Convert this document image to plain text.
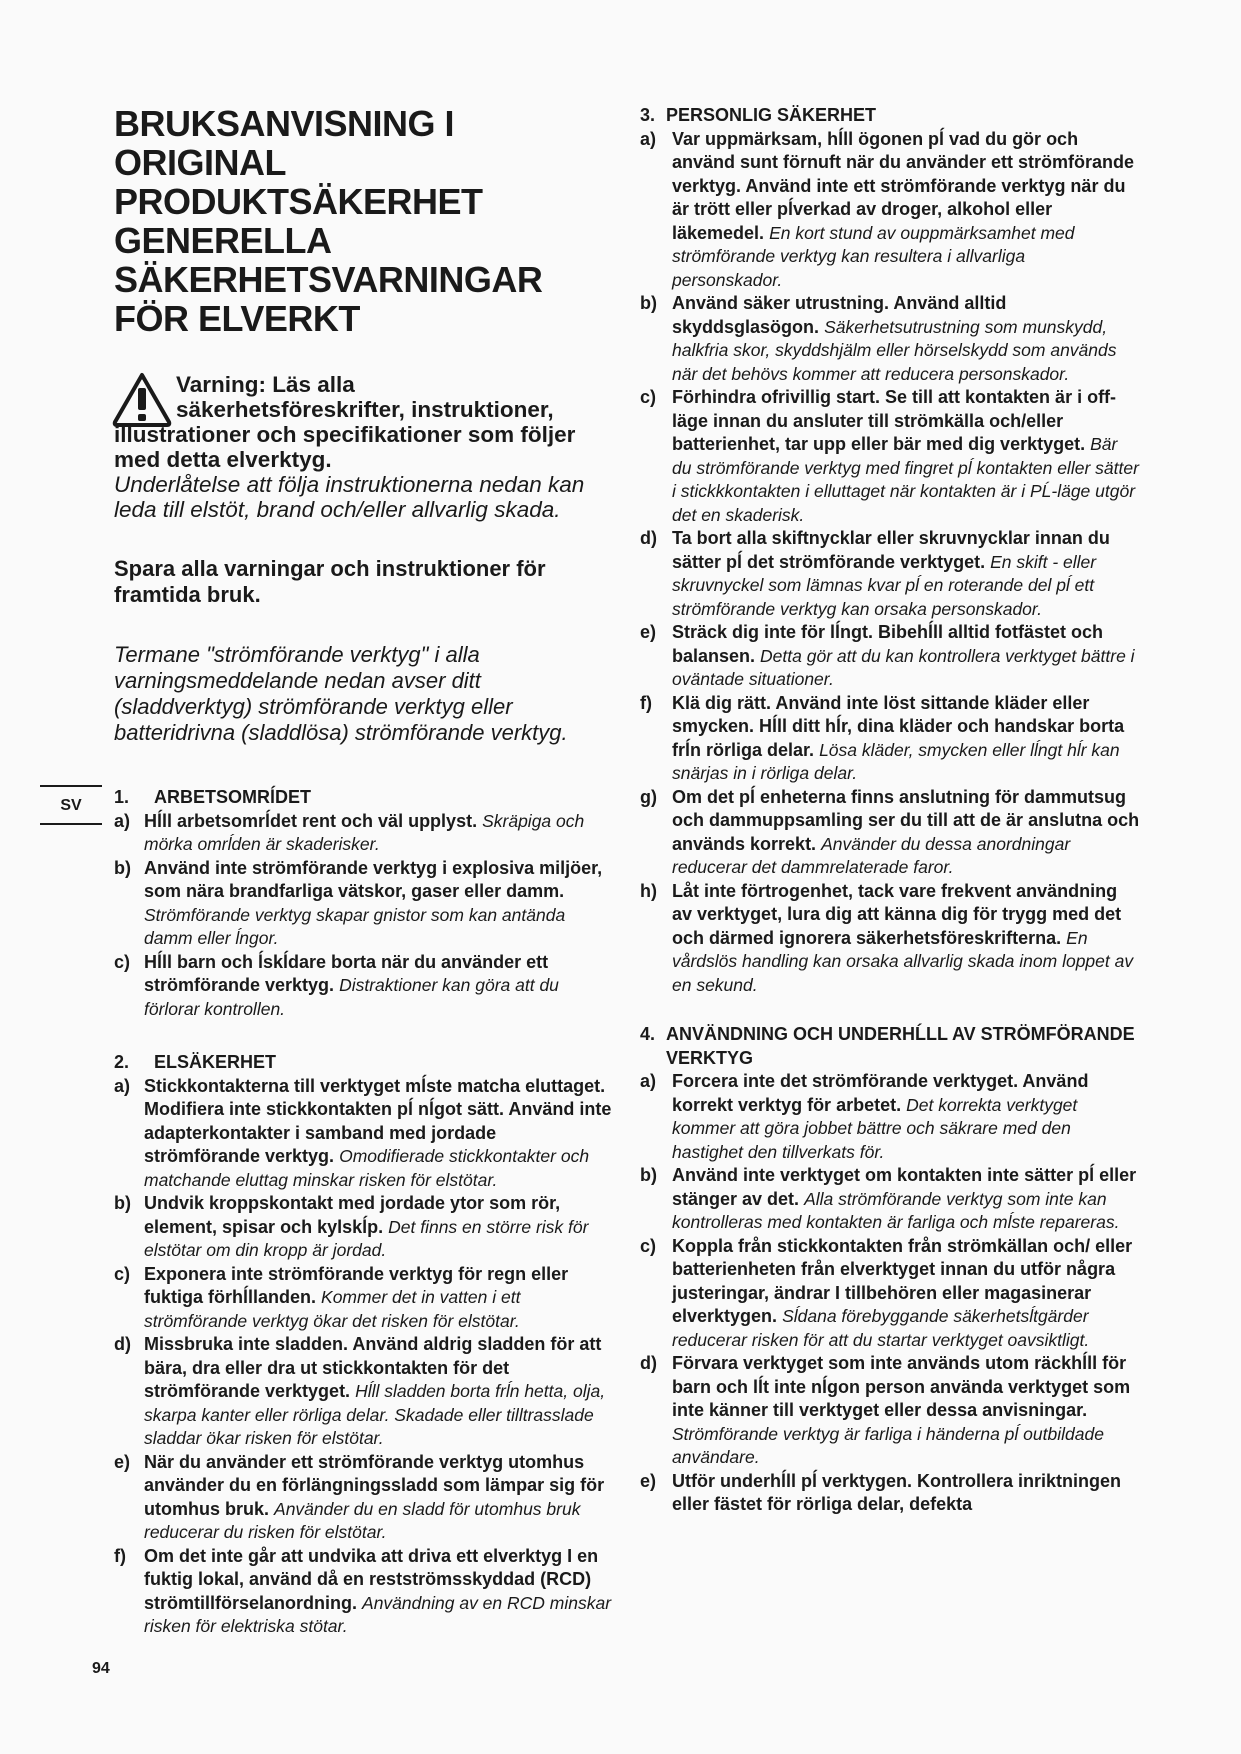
BRUKSANVISNING I ORIGINAL PRODUKTSÄKERHET GENERELLA SÄKERHETSVARNINGAR FÖR ELVERKT
Varning: Läs alla
säkerhetsföreskrifter, instruktioner, illustrationer och specifikationer som följer med detta elverktyg.
Underlåtelse att följa instruktionerna nedan kan leda till elstöt, brand och/eller allvarlig skada.
Spara alla varningar och instruktioner för framtida bruk.
Termane "strömförande verktyg" i alla varningsmeddelande nedan avser ditt (sladdverktyg) strömförande verktyg eller batteridrivna (sladdlösa) strömförande verktyg.
1.	ARBETSOMRĺDET
a) Hĺll arbetsomrĺdet rent och väl upplyst. Skräpiga och mörka omrĺden är skaderisker.
b) Använd inte strömförande verktyg i explosiva miljöer, som nära brandfarliga vätskor, gaser eller damm. Strömförande verktyg skapar gnistor som kan antända damm eller ĺngor.
c) Hĺll barn och ĺskĺdare borta när du använder ett strömförande verktyg. Distraktioner kan göra att du förlorar kontrollen.
2.	ELSÄKERHET
a) Stickkontakterna till verktyget mĺste matcha eluttaget. Modifiera inte stickkontakten pĺ nĺgot sätt. Använd inte adapterkontakter i samband med jordade strömförande verktyg. Omodifierade stickkontakter och matchande eluttag minskar risken för elstötar.
b) Undvik kroppskontakt med jordade ytor som rör, element, spisar och kylskĺp. Det finns en större risk för elstötar om din kropp är jordad.
c) Exponera inte strömförande verktyg för regn eller fuktiga förhĺllanden. Kommer det in vatten i ett strömförande verktyg ökar det risken för elstötar.
d) Missbruka inte sladden. Använd aldrig sladden för att bära, dra eller dra ut stickkontakten för det strömförande verktyget. Hĺll sladden borta frĺn hetta, olja, skarpa kanter eller rörliga delar. Skadade eller tilltrasslade sladdar ökar risken för elstötar.
e) När du använder ett strömförande verktyg utomhus använder du en förlängningssladd som lämpar sig för utomhus bruk. Använder du en sladd för utomhus bruk reducerar du risken för elstötar.
f)	Om det inte går att undvika att driva ett elverktyg I en fuktig lokal, använd då en restströmsskyddad (RCD) strömtillförselanordning. Användning av en RCD minskar risken för elektriska stötar.
3. PERSONLIG SÄKERHET
a) Var uppmärksam, hĺll ögonen pĺ vad du gör och använd sunt förnuft när du använder ett strömförande verktyg. Använd inte ett strömförande verktyg när du är trött eller pĺverkad av droger, alkohol eller läkemedel. En kort stund av ouppmärksamhet med strömförande verktyg kan resultera i allvarliga personskador.
b) Använd säker utrustning. Använd alltid skyddsglasögon. Säkerhetsutrustning som munskydd, halkfria skor, skyddshjälm eller hörselskydd som används när det behövs kommer att reducera personskador.
c) Förhindra ofrivillig start. Se till att kontakten är i off-läge innan du ansluter till strömkälla och/eller batterienhet, tar upp eller bär med dig verktyget. Bär du strömförande verktyg med fingret pĺ kontakten eller sätter i stickkkontakten i elluttaget när kontakten är i PĹ-läge utgör det en skaderisk.
d) Ta bort alla skiftnycklar eller skruvnycklar innan du sätter pĺ det strömförande verktyget. En skift - eller skruvnyckel som lämnas kvar pĺ en roterande del pĺ ett strömförande verktyg kan orsaka personskador.
e) Sträck dig inte för lĺngt. Bibehĺll alltid fotfästet och balansen. Detta gör att du kan kontrollera verktyget bättre i oväntade situationer.
f)	Klä dig rätt. Använd inte löst sittande kläder eller smycken. Hĺll ditt hĺr, dina kläder och handskar borta frĺn rörliga delar. Lösa kläder, smycken eller lĺngt hĺr kan snärjas in i rörliga delar.
g) Om det pĺ enheterna finns anslutning för dammutsug och dammuppsamling ser du till att de är anslutna och används korrekt. Använder du dessa anordningar reducerar det dammrelaterade faror.
h) Låt inte förtrogenhet, tack vare frekvent användning av verktyget, lura dig att känna dig för trygg med det och därmed ignorera säkerhetsföreskrifterna. En vårdslös handling kan orsaka allvarlig skada inom loppet av en sekund.
4. ANVÄNDNING OCH UNDERHĹLL AV STRÖMFÖRANDE VERKTYG
a) Forcera inte det strömförande verktyget. Använd korrekt verktyg för arbetet. Det korrekta verktyget kommer att göra jobbet bättre och säkrare med den hastighet den tillverkats för.
b) Använd inte verktyget om kontakten inte sätter pĺ eller stänger av det. Alla strömförande verktyg som inte kan kontrolleras med kontakten är farliga och mĺste repareras.
c) Koppla från stickkontakten från strömkällan och/ eller batterienheten från elverktyget innan du utför några justeringar, ändrar I tillbehören eller magasinerar elverktygen. Sĺdana förebyggande säkerhetsĺtgärder reducerar risken för att du startar verktyget oavsiktligt.
d) Förvara verktyget som inte används utom räckhĺll för barn och lĺt inte nĺgon person använda verktyget som inte känner till verktyget eller dessa anvisningar. Strömförande verktyg är farliga i händerna pĺ outbildade användare.
e) Utför underhĺll pĺ verktygen. Kontrollera inriktningen eller fästet för rörliga delar, defekta
SV
94
